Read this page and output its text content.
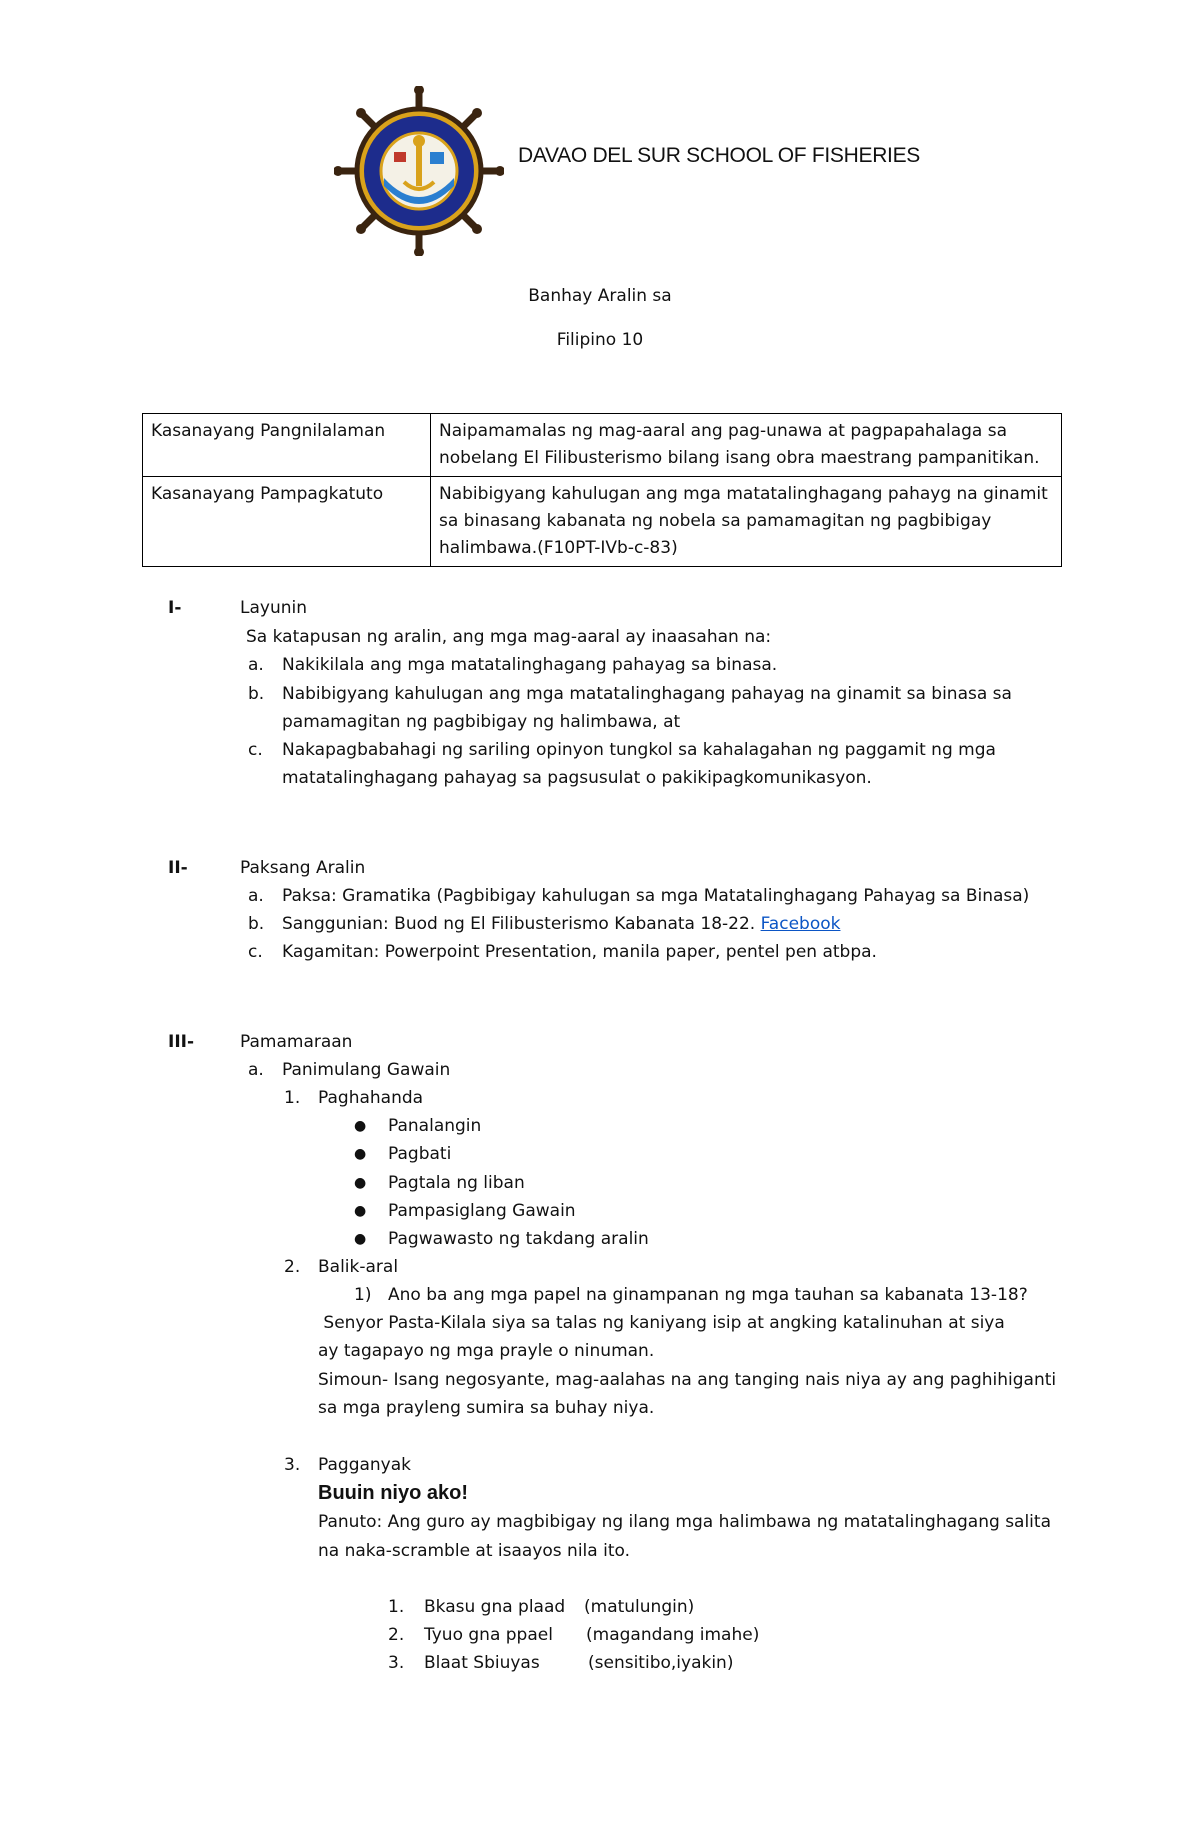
DAVAO DEL SUR SCHOOL OF FISHERIES
Banhay Aralin sa
Filipino 10
Kasanayang Pangnilalaman	Naipamamalas ng mag-aaral ang pag-unawa at pagpapahalaga sa
nobelang El Filibusterismo bilang isang obra maestrang pampanitikan.

Kasanayang Pampagkatuto	Nabibigyang kahulugan ang mga matatalinghagang pahayg na ginamit
sa binasang kabanata ng nobela sa pamamagitan ng pagbibigay
halimbawa.(F10PT-IVb-c-83)
I-	Layunin
Sa katapusan ng aralin, ang mga mag-aaral ay inaasahan na:
a. Nakikilala ang mga matatalinghagang pahayag sa binasa.
b. Nabibigyang kahulugan ang mga matatalinghagang pahayag na ginamit sa binasa sa
pamamagitan ng pagbibigay ng halimbawa, at
c. Nakapagbabahagi ng sariling opinyon tungkol sa kahalagahan ng paggamit ng mga
matatalinghagang pahayag sa pagsusulat o pakikipagkomunikasyon.
II-	Paksang Aralin
a. Paksa: Gramatika (Pagbibigay kahulugan sa mga Matatalinghagang Pahayag sa Binasa)
b. Sanggunian: Buod ng El Filibusterismo Kabanata 18-22. Facebook
c. Kagamitan: Powerpoint Presentation, manila paper, pentel pen atbpa.
III-	Pamamaraan
a. Panimulang Gawain
1. Paghahanda
● Panalangin
● Pagbati
● Pagtala ng liban
● Pampasiglang Gawain
● Pagwawasto ng takdang aralin
2. Balik-aral
1) Ano ba ang mga papel na ginampanan ng mga tauhan sa kabanata 13-18?
Senyor Pasta-Kilala siya sa talas ng kaniyang isip at angking katalinuhan at siya
ay tagapayo ng mga prayle o ninuman.
Simoun- Isang negosyante, mag-aalahas na ang tanging nais niya ay ang paghihiganti
sa mga prayleng sumira sa buhay niya.
3. Pagganyak
Buuin niyo ako!
Panuto: Ang guro ay magbibigay ng ilang mga halimbawa ng matatalinghagang salita
na naka-scramble at isaayos nila ito.
1. Bkasu gna plaad (matulungin)
2. Tyuo gna ppael (magandang imahe)
3. Blaat Sbiuyas	(sensitibo,iyakin)
